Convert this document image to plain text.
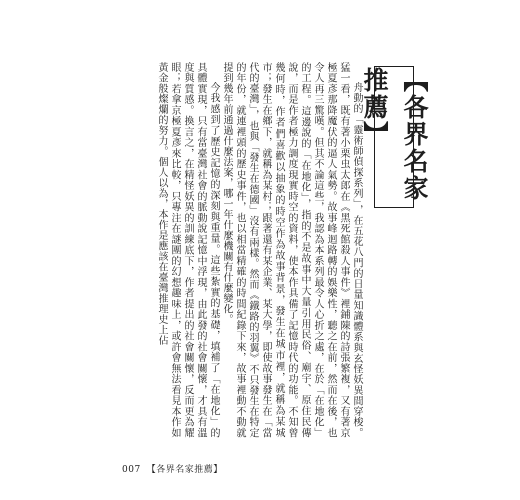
舟動的「靈術師偵探系列」，在五花八門的日量知識體系與玄怪妖異間穿梭。猛一看，既有著小栗虫太郎在《黑死館殺人事件》裡鋪陳的詩張繁複，又有著京極夏彥那降魔伏的逼人氣勢。故事峰迴路轉的娛樂性，聽之在前，然而在後，也令人再三驚嘆。但其不論這些，我認為本系列最令人心折之處，在於「在地化」的工程。這邊說的「在地化」，指的不是故事中大量引用民俗、廟宇、原住民傳說，而是作者極力調度現實時空的資料，使本作具備了記憶時代的功能。不知曾幾何時，作者們喜歡以抽象的時空作為故事背景，發生在城市裡，就稱為某城市；發生在鄉下，就稱為某村；跟著還有某企業、某大學，即使故事發生在「當代的臺灣」，也與「發生在德國」沒有兩樣。然而《鐵路的羽翼》不只發生在特定的年份，就連裡頭的歷史事件，也以相當精確的時間紀錄下來，故事裡動不動就提到幾年前通過什麼法案，哪一年什麼機關有什麼變化。

今我感到了歷史記憶的深刻與重量。這些紮實的基礎，填補了「在地化」的具體實現，只有當臺灣社會的脈動說記憶中浮現，由此發的社會關懷，才具有溫度與質感。換言之，在精怪妖異的訓練底下，作者提出的社會關懷，反而更為耀眼；若拿京極夏彥來比較，只專注在謎團的幻想趣味上，或許會無法看見本作如黃金般燦爛的努力。個人以為，本作是應該在臺灣推理史上佔	【各界名家推薦】
007 【各界名家推薦】
